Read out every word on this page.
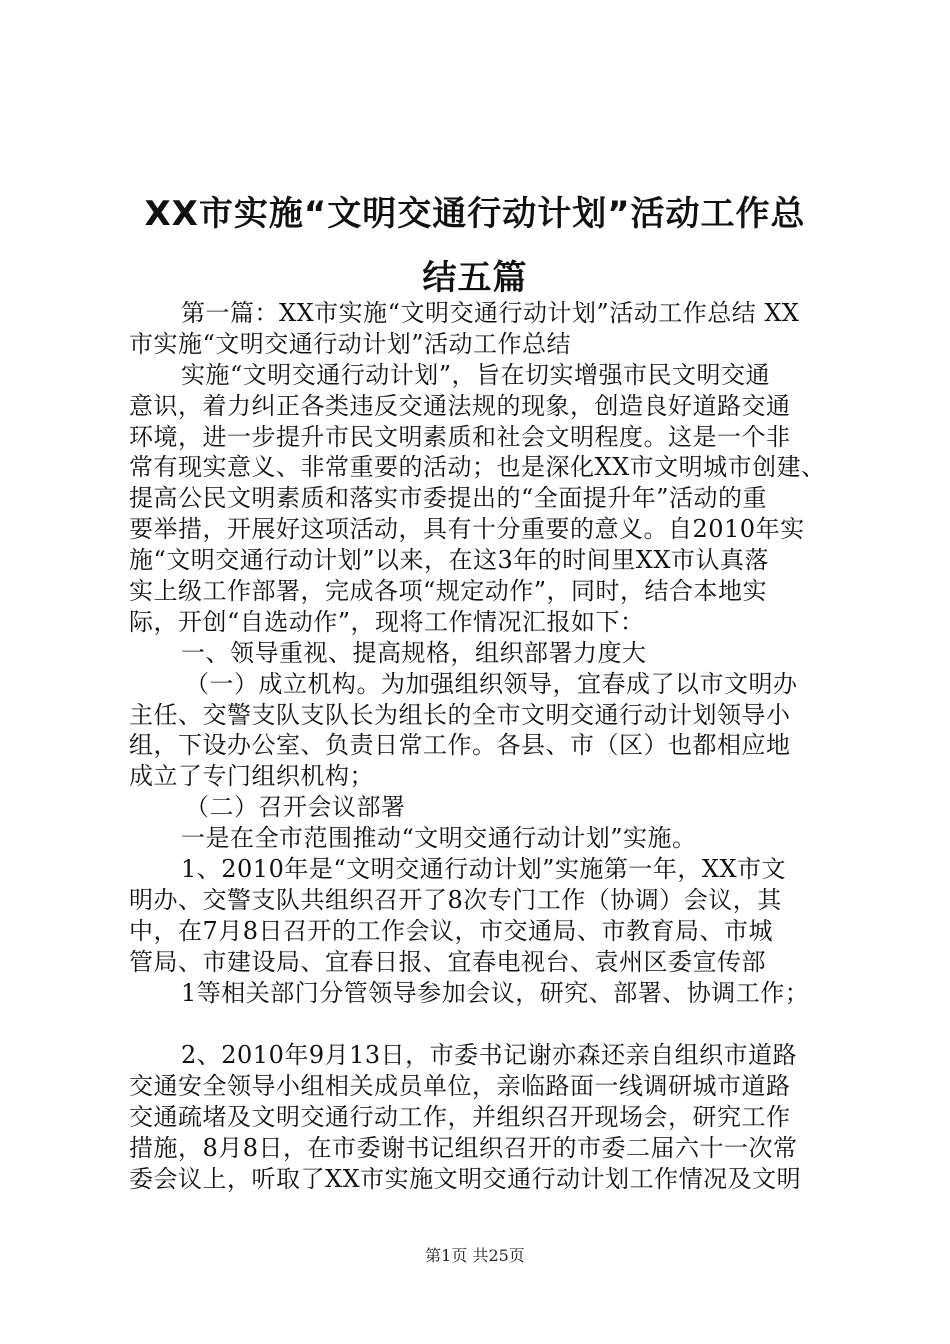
XX市实施“文明交通行动计划”活动工作总
结五篇
第一篇：XX市实施“文明交通行动计划”活动工作总结 XX
市实施“文明交通行动计划”活动工作总结
实施“文明交通行动计划”，旨在切实增强市民文明交通
意识，着力纠正各类违反交通法规的现象，创造良好道路交通
环境，进一步提升市民文明素质和社会文明程度。这是一个非
常有现实意义、非常重要的活动；也是深化XX市文明城市创建、
提高公民文明素质和落实市委提出的“全面提升年”活动的重
要举措，开展好这项活动，具有十分重要的意义。自2010年实
施“文明交通行动计划”以来，在这3年的时间里XX市认真落
实上级工作部署，完成各项“规定动作”，同时，结合本地实
际，开创“自选动作”，现将工作情况汇报如下：
一、领导重视、提高规格，组织部署力度大
（一）成立机构。为加强组织领导，宜春成了以市文明办
主任、交警支队支队长为组长的全市文明交通行动计划领导小
组，下设办公室、负责日常工作。各县、市（区）也都相应地
成立了专门组织机构；
（二）召开会议部署
一是在全市范围推动“文明交通行动计划”实施。
1、2010年是“文明交通行动计划”实施第一年，XX市文
明办、交警支队共组织召开了8次专门工作（协调）会议，其
中，在7月8日召开的工作会议，市交通局、市教育局、市城
管局、市建设局、宜春日报、宜春电视台、袁州区委宣传部
1等相关部门分管领导参加会议，研究、部署、协调工作；
2、2010年9月13日，市委书记谢亦森还亲自组织市道路
交通安全领导小组相关成员单位，亲临路面一线调研城市道路
交通疏堵及文明交通行动工作，并组织召开现场会，研究工作
措施，8月8日，在市委谢书记组织召开的市委二届六十一次常
委会议上，听取了XX市实施文明交通行动计划工作情况及文明
第1页 共25页
